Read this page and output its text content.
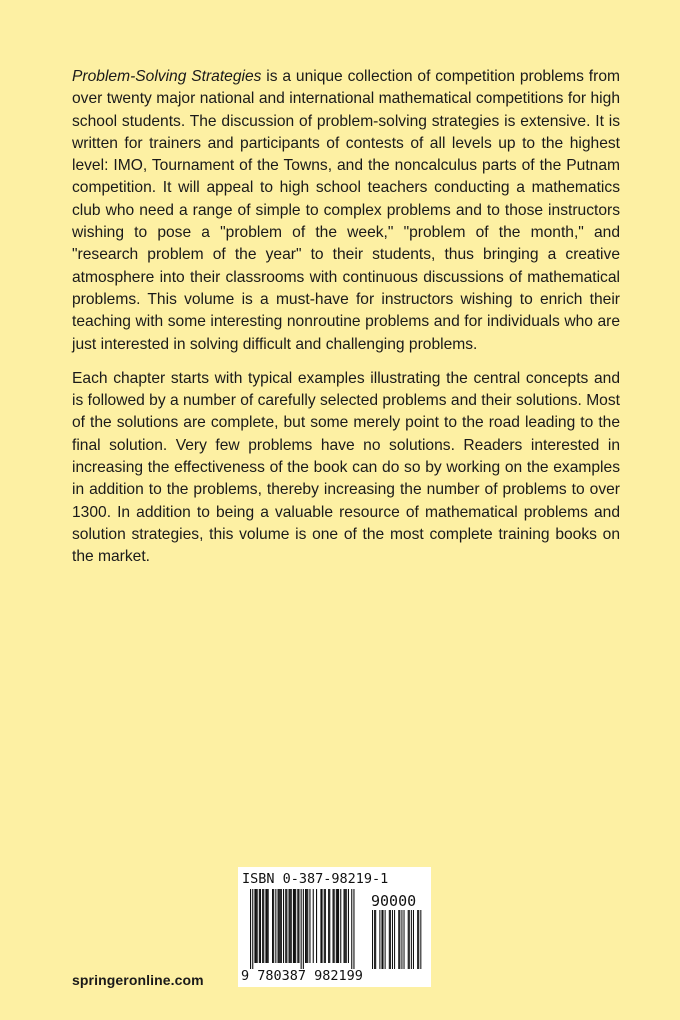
Problem-Solving Strategies is a unique collection of competition problems from over twenty major national and international mathematical competitions for high school students. The discussion of problem-solving strategies is extensive. It is written for trainers and participants of contests of all levels up to the highest level: IMO, Tournament of the Towns, and the noncalculus parts of the Putnam competition. It will appeal to high school teachers conducting a mathematics club who need a range of simple to complex problems and to those instructors wishing to pose a "problem of the week," "problem of the month," and "research problem of the year" to their students, thus bringing a creative atmosphere into their classrooms with continuous discussions of mathematical problems. This volume is a must-have for instructors wishing to enrich their teaching with some interesting nonroutine problems and for individuals who are just interested in solving difficult and challenging problems.

Each chapter starts with typical examples illustrating the central concepts and is followed by a number of carefully selected problems and their solutions. Most of the solutions are complete, but some merely point to the road leading to the final solution. Very few problems have no solutions. Readers interested in increasing the effectiveness of the book can do so by working on the examples in addition to the problems, thereby increasing the number of problems to over 1300. In addition to being a valuable resource of mathematical problems and solution strategies, this volume is one of the most complete training books on the market.

ISBN 0-387-98219-1
90000
9 780387 982199
springeronline.com
